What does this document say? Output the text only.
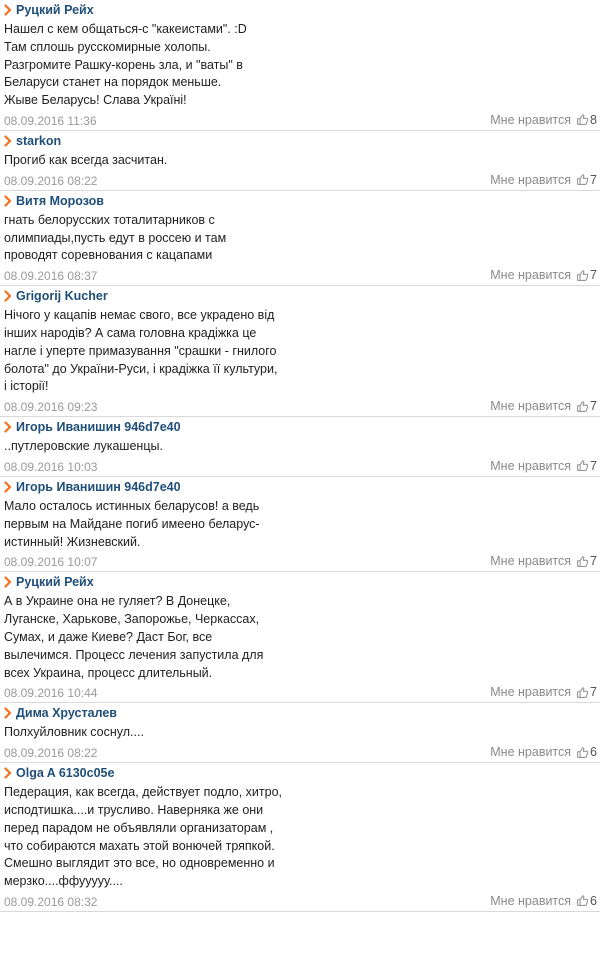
Руцкий Рейх
Нашел с кем общаться-с "какеистами". :D
Там сплошь русскомирные холопы.
Разгромите Рашку-корень зла, и "ваты" в
Беларуси станет на порядок меньше.
Жыве Беларусь! Слава Україні!
08.09.2016 11:36	Мне нравится 8
starkon
Прогиб как всегда засчитан.
08.09.2016 08:22	Мне нравится 7
Витя Морозов
гнать белорусских тоталитарников с
олимпиады,пусть едут в россею и там
проводят соревнования с кацапами
08.09.2016 08:37	Мне нравится 7
Grigorij Kucher
Нічого у кацапів немає свого, все украдено від
інших народів? А сама головна крадіжка це
нагле і уперте примазування "срашки - гнилого
болота" до України-Руси, і крадіжка її культури,
і історії!
08.09.2016 09:23	Мне нравится 7
Игорь Иванишин 946d7e40
..путлеровские лукашенцы.
08.09.2016 10:03	Мне нравится 7
Игорь Иванишин 946d7e40
Мало осталось истинных беларусов! а ведь
первым на Майдане погиб имеено беларус-
истинный! Жизневский.
08.09.2016 10:07	Мне нравится 7
Руцкий Рейх
А в Украине она не гуляет? В Донецке,
Луганске, Харькове, Запорожье, Черкассах,
Сумах, и даже Киеве? Даст Бог, все
вылечимся. Процесс лечения запустила для
всех Украина, процесс длительный.
08.09.2016 10:44	Мне нравится 7
Дима Хрусталев
Полхуйловник соснул....
08.09.2016 08:22	Мне нравится 6
Olga A 6130c05e
Педерация, как всегда, действует подло, хитро,
исподтишка....и трусливо. Наверняка же они
перед парадом не объявляли организаторам ,
что собираются махать этой вонючей тряпкой.
Смешно выглядит это все, но одновременно и
мерзко....ффууууу....
08.09.2016 08:32	Мне нравится 6
